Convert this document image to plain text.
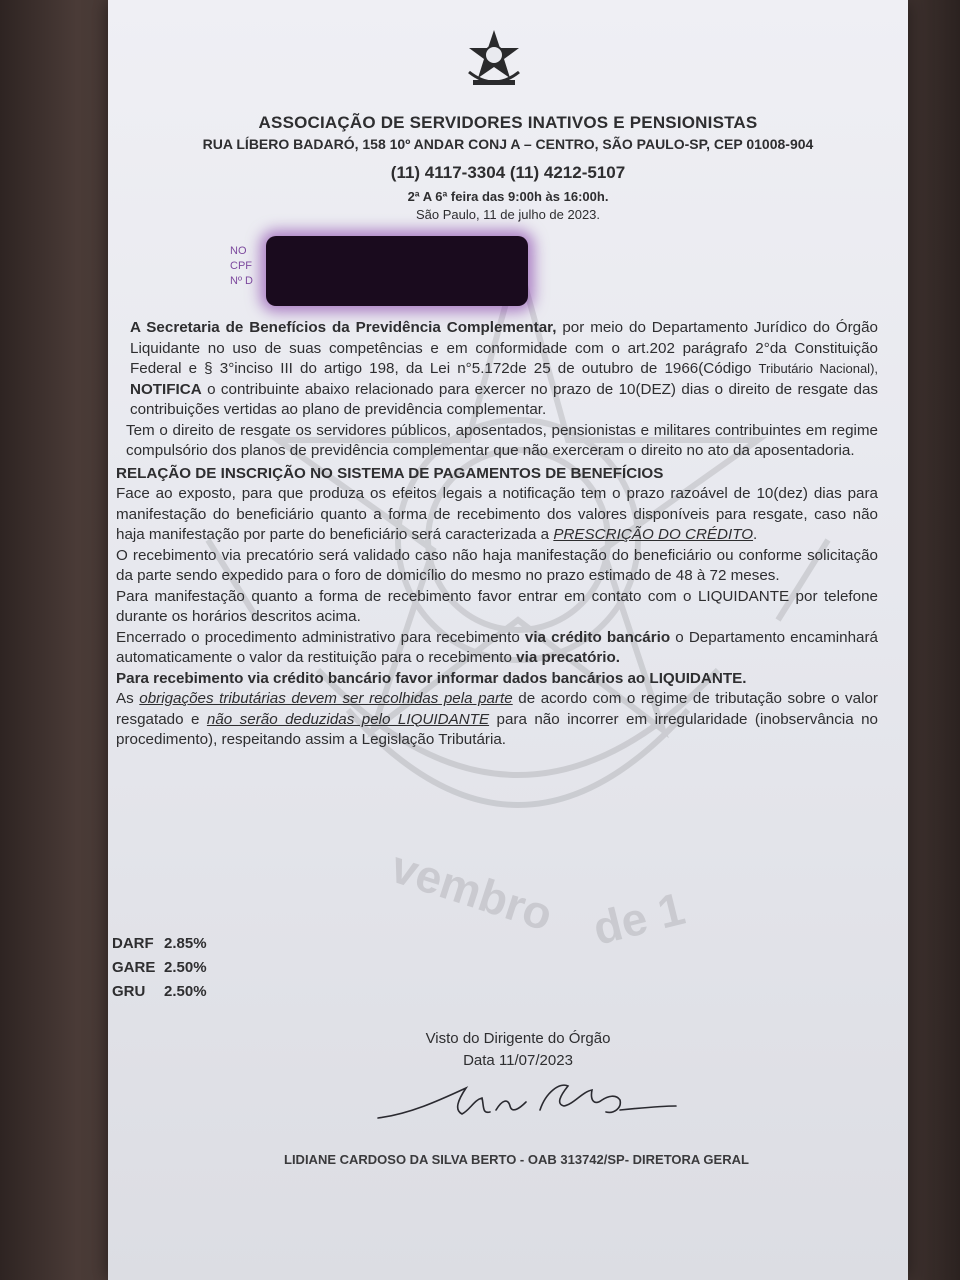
vembro de 1
ASSOCIAÇÃO DE SERVIDORES INATIVOS E PENSIONISTAS
RUA LÍBERO BADARÓ, 158 10º ANDAR CONJ A – CENTRO, SÃO PAULO-SP, CEP 01008-904
(11) 4117-3304 (11) 4212-5107
2ª A 6ª feira das 9:00h às 16:00h.
São Paulo, 11 de julho de 2023.
NO
CPF
Nº D

A Secretaria de Benefícios da Previdência Complementar, por meio do Departamento Jurídico do Órgão Liquidante no uso de suas competências e em conformidade com o art.202 parágrafo 2°da Constituição Federal e § 3°inciso III do artigo 198, da Lei n°5.172de 25 de outubro de 1966(Código Tributário Nacional), NOTIFICA o contribuinte abaixo relacionado para exercer no prazo de 10(DEZ) dias o direito de resgate das contribuições vertidas ao plano de previdência complementar.

Tem o direito de resgate os servidores públicos, aposentados, pensionistas e militares contribuintes em regime compulsório dos planos de previdência complementar que não exerceram o direito no ato da aposentadoria.

RELAÇÃO DE INSCRIÇÃO NO SISTEMA DE PAGAMENTOS DE BENEFÍCIOS

Face ao exposto, para que produza os efeitos legais a notificação tem o prazo razoável de 10(dez) dias para manifestação do beneficiário quanto a forma de recebimento dos valores disponíveis para resgate, caso não haja manifestação por parte do beneficiário será caracterizada a PRESCRIÇÃO DO CRÉDITO.

O recebimento via precatório será validado caso não haja manifestação do beneficiário ou conforme solicitação da parte sendo expedido para o foro de domicílio do mesmo no prazo estimado de 48 à 72 meses.

Para manifestação quanto a forma de recebimento favor entrar em contato com o LIQUIDANTE por telefone durante os horários descritos acima.

Encerrado o procedimento administrativo para recebimento via crédito bancário o Departamento encaminhará automaticamente o valor da restituição para o recebimento via precatório.

Para recebimento via crédito bancário favor informar dados bancários ao LIQUIDANTE.

As obrigações tributárias devem ser recolhidas pela parte de acordo com o regime de tributação sobre o valor resgatado e não serão deduzidas pelo LIQUIDANTE para não incorrer em irregularidade (inobservância no procedimento), respeitando assim a Legislação Tributária.

DARF 2.85%
GARE 2.50%
GRU 2.50%
Visto do Dirigente do Órgão
Data 11/07/2023
LIDIANE CARDOSO DA SILVA BERTO - OAB 313742/SP- DIRETORA GERAL
